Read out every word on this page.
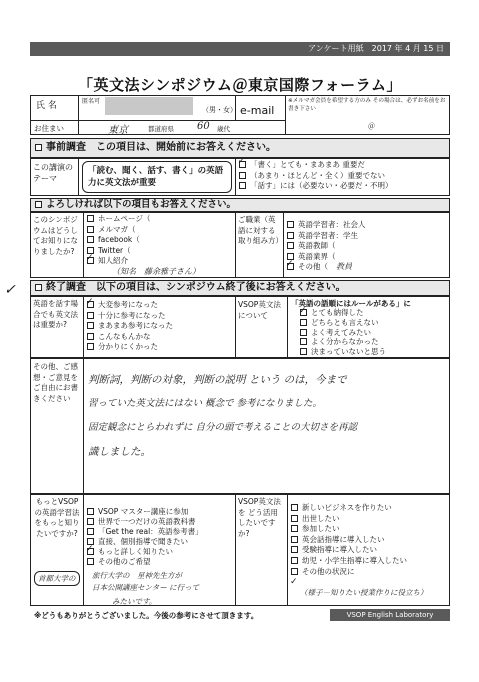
アンケート用紙　2017 年 4 月 15 日
「英文法シンポジウム＠東京国際フォーラム」
氏 名	匿名可
（男・女） e-mail
※メルマガ会員を希望する方のみ その場合は、必ずお名前をお書き下さい
＠
お住まい	東京	都道府県 60 歳代
事前調査　この項目は、開始前にお答えください。
この講演のテーマ
「読む、聞く、話す、書く」の英語力に英文法が重要
「書く」とても・まあまあ 重要だ
（あまり・ほとんど・全く）重要でない
「話す」には（必要ない・必要だ・不明）
✓
よろしければ以下の項目もお答えください。
このシンポジウムはどうしてお知りになりましたか?
ホームページ（
メルマガ（
facebook（
Twitter（
知人紹介
✓
（知名　藤余雅子さん）
ご職業（英語に対する取り組み方）
英語学習者：社会人
英語学習者：学生
英語教師（
英語業界（
その他（ 教員
✓
終了調査　以下の項目は、シンポジウム終了後にお答えください。
✓
英語を話す場合でも英文法は重要か?
大変参考になった
十分に参考になった
まあまあ参考になった
こんなもんかな
分かりにくかった
✓	VSOP英文法について
「英語の語順にはルールがある」に
とても納得した
どちらとも言えない
よく考えてみたい
よく分からなかった
決まっていないと思う
✓
その他、ご感想・ご意見をご自由にお書きください
判断詞，判断の対象，判断の説明 という のは，今まで
習っていた英文法にはない 概念で 参考になりました。
固定観念にとらわれずに 自分の頭で考えることの大切さを再認
識しました。
もっとVSOPの英語学習法をもっと知りたいですか?
VSOP マスター講座に参加
世界で一つだけの英語教科書
「Get the real：英語参考書」
直接、個別指導で聞きたい
もっと詳しく知りたい
その他のご希望
✓
首都大学の	旅行大学の　星神先生方が
日本公開講座センター に行って
みたいです。
VSOP英文法を どう活用したいですか?
新しいビジネスを作りたい
出世したい
参加したい
英会話指導に導入したい
受験指導に導入したい
幼児・小学生指導に導入したい
その他の状況に
✓
（様子－知りたい授業作りに役立ち）
※どうもありがとうございました。今後の参考にさせて頂きます。	VSOP English Laboratory
